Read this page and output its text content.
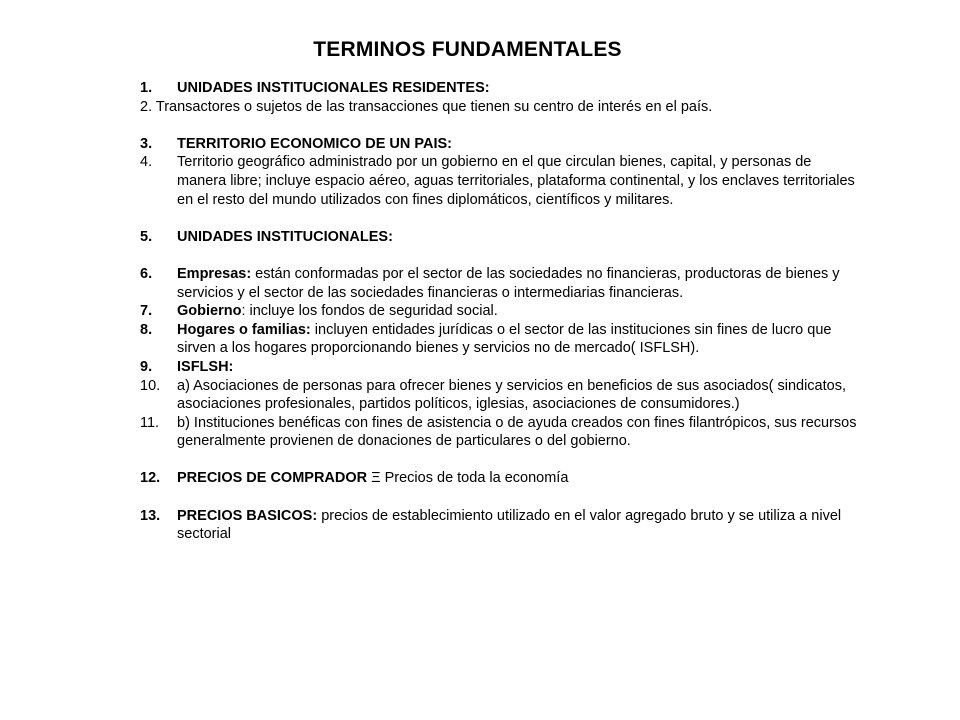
TERMINOS FUNDAMENTALES
1. UNIDADES INSTITUCIONALES RESIDENTES:
2. Transactores o sujetos de las transacciones que tienen su centro de interés en el país.
3. TERRITORIO ECONOMICO DE UN PAIS:
4. Territorio geográfico administrado por un gobierno en el que circulan bienes, capital, y personas de manera libre; incluye espacio aéreo, aguas territoriales, plataforma continental, y los enclaves territoriales en el resto del mundo utilizados con fines diplomáticos, científicos y militares.
5. UNIDADES INSTITUCIONALES:
6. Empresas: están conformadas por el sector de las sociedades no financieras, productoras de bienes y servicios y el sector de las sociedades financieras o intermediarias financieras.
7. Gobierno: incluye los fondos de seguridad social.
8. Hogares o familias: incluyen entidades jurídicas o el sector de las instituciones sin fines de lucro que sirven a los hogares proporcionando bienes y servicios no de mercado( ISFLSH).
9. ISFLSH:
10. a) Asociaciones de personas para ofrecer bienes y servicios en beneficios de sus asociados( sindicatos, asociaciones profesionales, partidos políticos, iglesias, asociaciones de consumidores.)
11. b) Instituciones benéficas con fines de asistencia o de ayuda creados con fines filantrópicos, sus recursos generalmente provienen de donaciones de particulares o del gobierno.
12. PRECIOS DE COMPRADOR Ξ Precios de toda la economía
13. PRECIOS BASICOS: precios de establecimiento utilizado en el valor agregado bruto y se utiliza a nivel sectorial
